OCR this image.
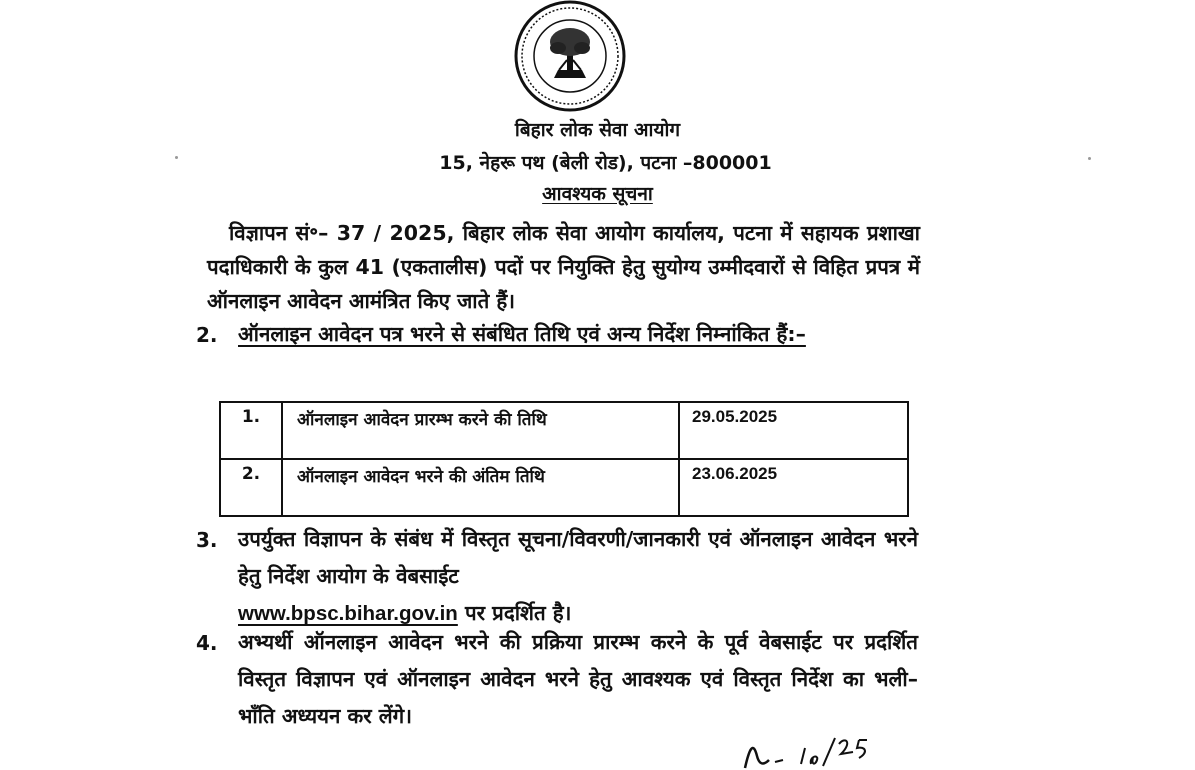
बिहार लोक सेवा आयोग
15, नेहरू पथ (बेली रोड), पटना –800001
आवश्यक सूचना
विज्ञापन सं॰– 37 / 2025, बिहार लोक सेवा आयोग कार्यालय, पटना में सहायक प्रशाखा पदाधिकारी के कुल 41 (एकतालीस) पदों पर नियुक्ति हेतु सुयोग्य उम्मीदवारों से विहित प्रपत्र में ऑनलाइन आवेदन आमंत्रित किए जाते हैं।
2. ऑनलाइन आवेदन पत्र भरने से संबंधित तिथि एवं अन्य निर्देश निम्नांकित हैं:–
1.	ऑनलाइन आवेदन प्रारम्भ करने की तिथि	29.05.2025
2.	ऑनलाइन आवेदन भरने की अंतिम तिथि	23.06.2025
3. उपर्युक्त विज्ञापन के संबंध में विस्तृत सूचना/विवरणी/जानकारी एवं ऑनलाइन आवेदन भरने हेतु निर्देश आयोग के वेबसाईट
www.bpsc.bihar.gov.in पर प्रदर्शित है।
4. अभ्यर्थी ऑनलाइन आवेदन भरने की प्रक्रिया प्रारम्भ करने के पूर्व वेबसाईट पर प्रदर्शित विस्तृत विज्ञापन एवं ऑनलाइन आवेदन भरने हेतु आवश्यक एवं विस्तृत निर्देश का भली–भाँति अध्ययन कर लेंगे।
